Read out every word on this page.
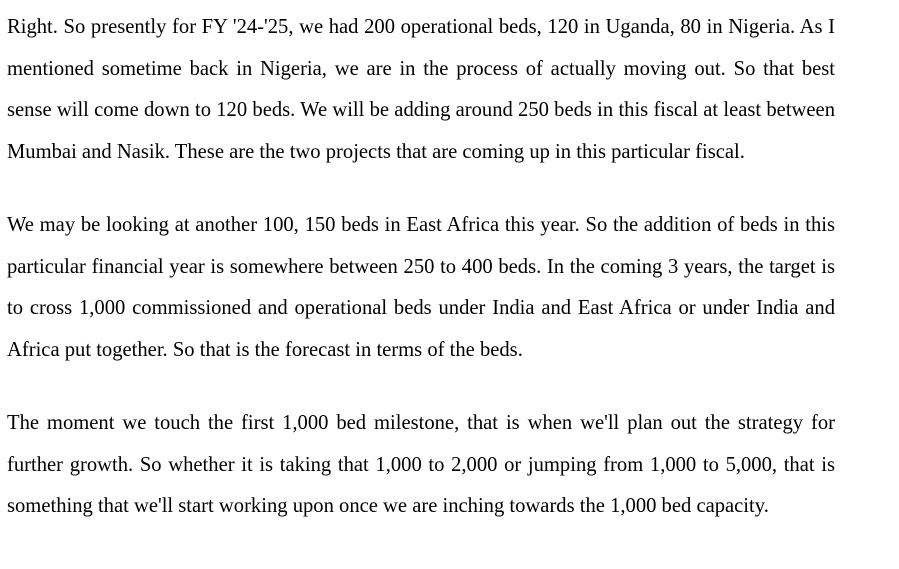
Right. So presently for FY '24-'25, we had 200 operational beds, 120 in Uganda, 80 in Nigeria. As I mentioned sometime back in Nigeria, we are in the process of actually moving out. So that best sense will come down to 120 beds. We will be adding around 250 beds in this fiscal at least between Mumbai and Nasik. These are the two projects that are coming up in this particular fiscal.

We may be looking at another 100, 150 beds in East Africa this year. So the addition of beds in this particular financial year is somewhere between 250 to 400 beds. In the coming 3 years, the target is to cross 1,000 commissioned and operational beds under India and East Africa or under India and Africa put together. So that is the forecast in terms of the beds.

The moment we touch the first 1,000 bed milestone, that is when we'll plan out the strategy for further growth. So whether it is taking that 1,000 to 2,000 or jumping from 1,000 to 5,000, that is something that we'll start working upon once we are inching towards the 1,000 bed capacity.
